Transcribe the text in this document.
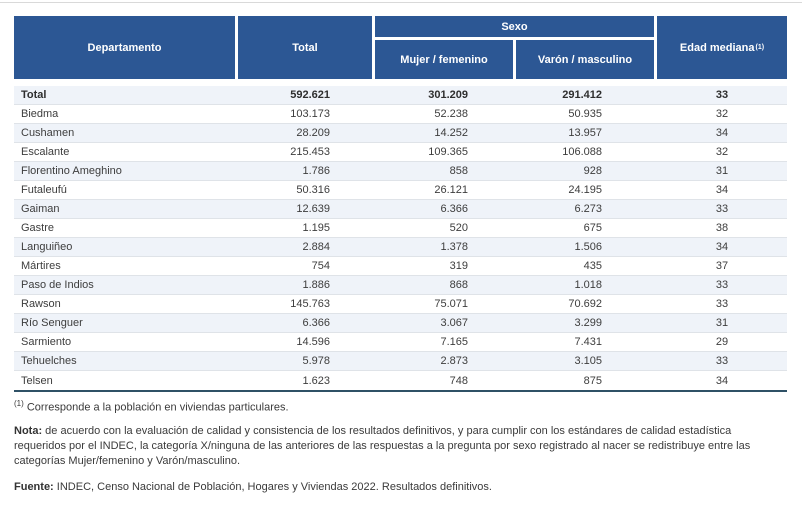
Departamento	Total
Sexo
Mujer / femenino	Varón / masculino
Edad mediana (1)
Total	592.621	301.209	291.412	33
Biedma	103.173	52.238	50.935	32
Cushamen	28.209	14.252	13.957	34
Escalante	215.453	109.365	106.088	32
Florentino Ameghino	1.786	858	928	31
Futaleufú	50.316	26.121	24.195	34
Gaiman	12.639	6.366	6.273	33
Gastre	1.195	520	675	38
Languiñeo	2.884	1.378	1.506	34
Mártires	754	319	435	37
Paso de Indios	1.886	868	1.018	33
Rawson	145.763	75.071	70.692	33
Río Senguer	6.366	3.067	3.299	31
Sarmiento	14.596	7.165	7.431	29
Tehuelches	5.978	2.873	3.105	33
Telsen	1.623	748	875	34

$^{(1)}$ Corresponde a la población en viviendas particulares.

Nota: de acuerdo con la evaluación de calidad y consistencia de los resultados definitivos, y para cumplir con los estándares de calidad estadística requeridos por el INDEC, la categoría X/ninguna de las anteriores de las respuestas a la pregunta por sexo registrado al nacer se redistribuye entre las categorías Mujer/femenino y Varón/masculino.

Fuente: INDEC, Censo Nacional de Población, Hogares y Viviendas 2022. Resultados definitivos.
